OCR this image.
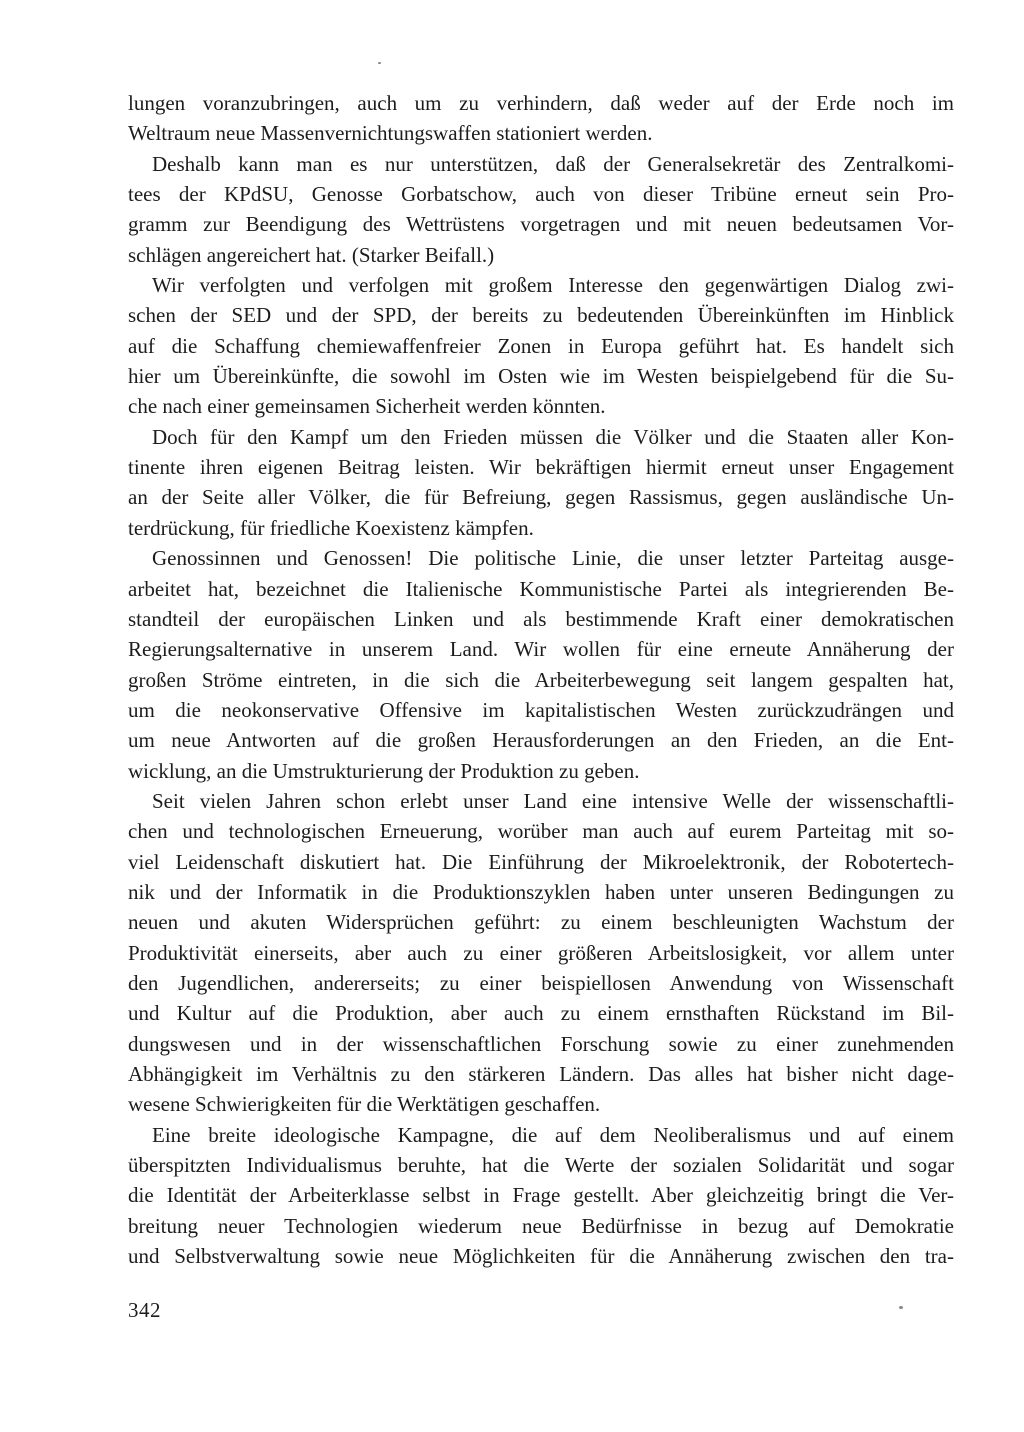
lungen voranzubringen, auch um zu verhindern, daß weder auf der Erde noch im
Weltraum neue Massenvernichtungswaffen stationiert werden.

Deshalb kann man es nur unterstützen, daß der Generalsekretär des Zentralkomi-
tees der KPdSU, Genosse Gorbatschow, auch von dieser Tribüne erneut sein Pro-
gramm zur Beendigung des Wettrüstens vorgetragen und mit neuen bedeutsamen Vor-
schlägen angereichert hat. (Starker Beifall.)

Wir verfolgten und verfolgen mit großem Interesse den gegenwärtigen Dialog zwi-
schen der SED und der SPD, der bereits zu bedeutenden Übereinkünften im Hinblick
auf die Schaffung chemiewaffenfreier Zonen in Europa geführt hat. Es handelt sich
hier um Übereinkünfte, die sowohl im Osten wie im Westen beispielgebend für die Su-
che nach einer gemeinsamen Sicherheit werden könnten.

Doch für den Kampf um den Frieden müssen die Völker und die Staaten aller Kon-
tinente ihren eigenen Beitrag leisten. Wir bekräftigen hiermit erneut unser Engagement
an der Seite aller Völker, die für Befreiung, gegen Rassismus, gegen ausländische Un-
terdrückung, für friedliche Koexistenz kämpfen.

Genossinnen und Genossen! Die politische Linie, die unser letzter Parteitag ausge-
arbeitet hat, bezeichnet die Italienische Kommunistische Partei als integrierenden Be-
standteil der europäischen Linken und als bestimmende Kraft einer demokratischen
Regierungsalternative in unserem Land. Wir wollen für eine erneute Annäherung der
großen Ströme eintreten, in die sich die Arbeiterbewegung seit langem gespalten hat,
um die neokonservative Offensive im kapitalistischen Westen zurückzudrängen und
um neue Antworten auf die großen Herausforderungen an den Frieden, an die Ent-
wicklung, an die Umstrukturierung der Produktion zu geben.

Seit vielen Jahren schon erlebt unser Land eine intensive Welle der wissenschaftli-
chen und technologischen Erneuerung, worüber man auch auf eurem Parteitag mit so-
viel Leidenschaft diskutiert hat. Die Einführung der Mikroelektronik, der Robotertech-
nik und der Informatik in die Produktionszyklen haben unter unseren Bedingungen zu
neuen und akuten Widersprüchen geführt: zu einem beschleunigten Wachstum der
Produktivität einerseits, aber auch zu einer größeren Arbeitslosigkeit, vor allem unter
den Jugendlichen, andererseits; zu einer beispiellosen Anwendung von Wissenschaft
und Kultur auf die Produktion, aber auch zu einem ernsthaften Rückstand im Bil-
dungswesen und in der wissenschaftlichen Forschung sowie zu einer zunehmenden
Abhängigkeit im Verhältnis zu den stärkeren Ländern. Das alles hat bisher nicht dage-
wesene Schwierigkeiten für die Werktätigen geschaffen.

Eine breite ideologische Kampagne, die auf dem Neoliberalismus und auf einem
überspitzten Individualismus beruhte, hat die Werte der sozialen Solidarität und sogar
die Identität der Arbeiterklasse selbst in Frage gestellt. Aber gleichzeitig bringt die Ver-
breitung neuer Technologien wiederum neue Bedürfnisse in bezug auf Demokratie
und Selbstverwaltung sowie neue Möglichkeiten für die Annäherung zwischen den tra-

342
